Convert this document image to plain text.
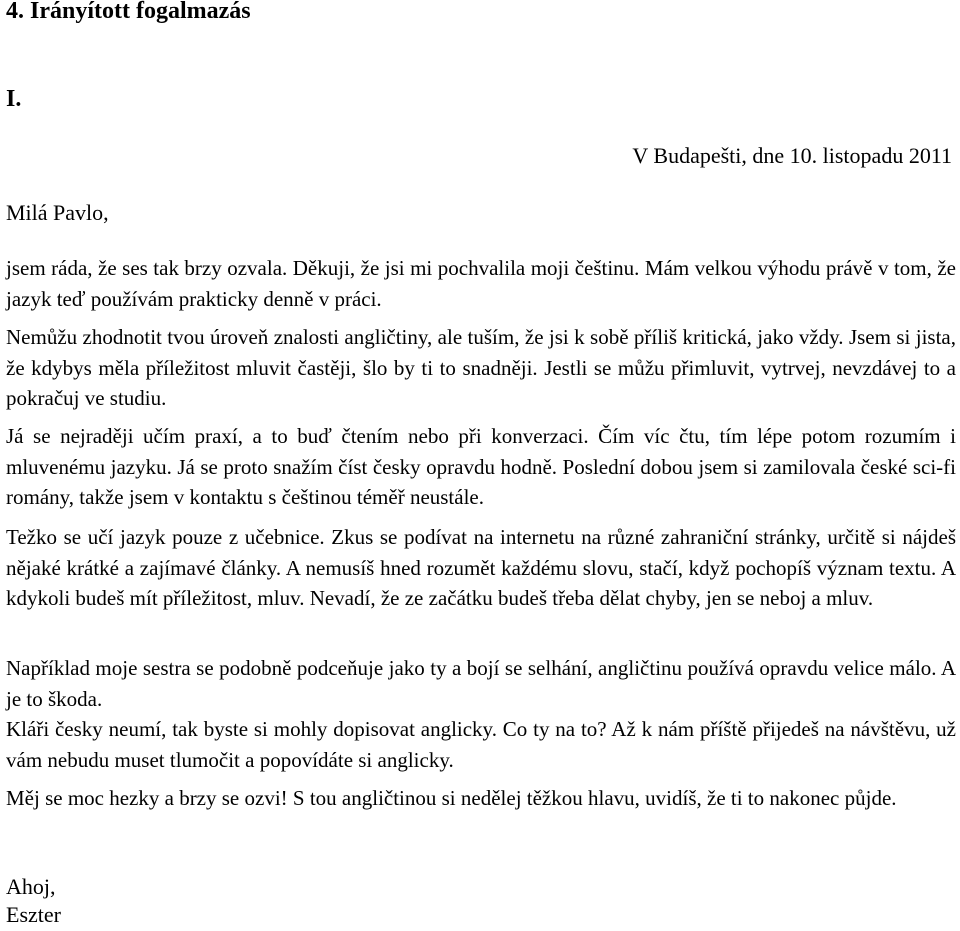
4. Irányított fogalmazás
I.
V Budapešti, dne 10. listopadu 2011
Milá Pavlo,

jsem ráda, že ses tak brzy ozvala. Děkuji, že jsi mi pochvalila moji češtinu. Mám velkou výhodu právě v tom, že jazyk teď používám prakticky denně v práci.

Nemůžu zhodnotit tvou úroveň znalosti angličtiny, ale tuším, že jsi k sobě příliš kritická, jako vždy. Jsem si jista, že kdybys měla příležitost mluvit častěji, šlo by ti to snadněji. Jestli se můžu přimluvit, vytrvej, nevzdávej to a pokračuj ve studiu.

Já se nejraději učím praxí, a to buď čtením nebo při konverzaci. Čím víc čtu, tím lépe potom rozumím i mluvenému jazyku. Já se proto snažím číst česky opravdu hodně. Poslední dobou jsem si zamilovala české sci-fi romány, takže jsem v kontaktu s češtinou téměř neustále.

Težko se učí jazyk pouze z učebnice. Zkus se podívat na internetu na různé zahraniční stránky, určitě si nájdeš nějaké krátké a zajímavé články. A nemusíš hned rozumět každému slovu, stačí, když pochopíš význam textu. A kdykoli budeš mít příležitost, mluv. Nevadí, že ze začátku budeš třeba dělat chyby, jen se neboj a mluv.

Například moje sestra se podobně podceňuje jako ty a bojí se selhání, angličtinu používá opravdu velice málo. A je to škoda.

Kláři česky neumí, tak byste si mohly dopisovat anglicky. Co ty na to? Až k nám příště přijedeš na návštěvu, už vám nebudu muset tlumočit a popovídáte si anglicky.

Měj se moc hezky a brzy se ozvi! S tou angličtinou si nedělej těžkou hlavu, uvidíš, že ti to nakonec půjde.

Ahoj,
Eszter
